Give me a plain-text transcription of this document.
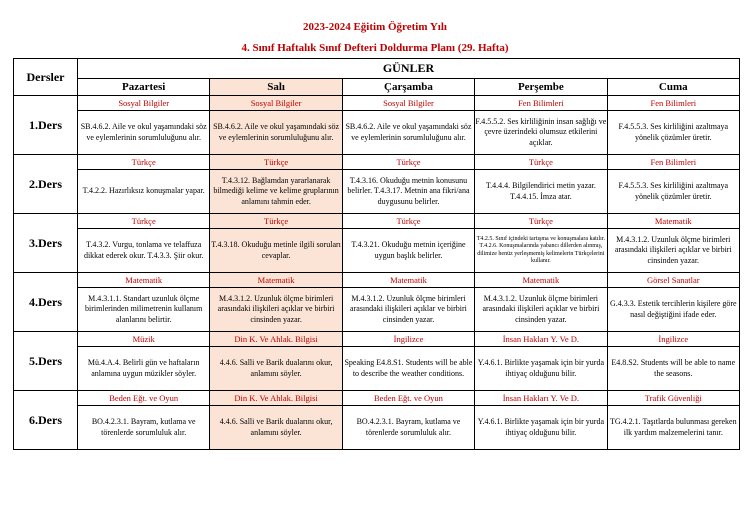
2023-2024 Eğitim Öğretim Yılı
4. Sınıf Haftalık Sınıf Defteri Doldurma Planı (29. Hafta)
Dersler	GÜNLER				
	Pazartesi	Salı	Çarşamba	Perşembe	Cuma
1.Ders	Sosyal Bilgiler	Sosyal Bilgiler	Sosyal Bilgiler	Fen Bilimleri	Fen Bilimleri
	SB.4.6.2. Aile ve okul yaşamındaki söz ve eylemlerinin sorumluluğunu alır.	SB.4.6.2. Aile ve okul yaşamındaki söz ve eylemlerinin sorumluluğunu alır.	SB.4.6.2. Aile ve okul yaşamındaki söz ve eylemlerinin sorumluluğunu alır.	F.4.5.5.2. Ses kirliliğinin insan sağlığı ve çevre üzerindeki olumsuz etkilerini açıklar.	F.4.5.5.3. Ses kirliliğini azaltmaya yönelik çözümler üretir.
2.Ders	Türkçe	Türkçe	Türkçe	Türkçe	Fen Bilimleri
	T.4.2.2. Hazırlıksız konuşmalar yapar.	T.4.3.12. Bağlamdan yararlanarak bilmediği kelime ve kelime gruplarının anlamını tahmin eder.	T.4.3.16. Okuduğu metnin konusunu belirler. T.4.3.17. Metnin ana fikri/ana duygusunu belirler.	T.4.4.4. Bilgilendirici metin yazar. T.4.4.15. İmza atar.	F.4.5.5.3. Ses kirliliğini azaltmaya yönelik çözümler üretir.
3.Ders	Türkçe	Türkçe	Türkçe	Türkçe	Matematik
	T.4.3.2. Vurgu, tonlama ve telaffuza dikkat ederek okur. T.4.3.3. Şiir okur.	T.4.3.18. Okuduğu metinle ilgili soruları cevaplar.	T.4.3.21. Okuduğu metnin içeriğine uygun başlık belirler.	T4.2.5. Sınıf içindeki tartışma ve konuşmalara katılır. T.4.2.6. Konuşmalarında yabancı dillerden alınmış, dilimize henüz yerleşmemiş kelimelerin Türkçelerini kullanır.	M.4.3.1.2. Uzunluk ölçme birimleri arasındaki ilişkileri açıklar ve birbiri cinsinden yazar.
4.Ders	Matematik	Matematik	Matematik	Matematik	Görsel Sanatlar
	M.4.3.1.1. Standart uzunluk ölçme birimlerinden milimetrenin kullanım alanlarını belirtir.	M.4.3.1.2. Uzunluk ölçme birimleri arasındaki ilişkileri açıklar ve birbiri cinsinden yazar.	M.4.3.1.2. Uzunluk ölçme birimleri arasındaki ilişkileri açıklar ve birbiri cinsinden yazar.	M.4.3.1.2. Uzunluk ölçme birimleri arasındaki ilişkileri açıklar ve birbiri cinsinden yazar.	G.4.3.3. Estetik tercihlerin kişilere göre nasıl değiştiğini ifade eder.
5.Ders	Müzik	Din K. Ve Ahlak. Bilgisi	İngilizce	İnsan Hakları Y. Ve D.	İngilizce
	Mü.4.A.4. Belirli gün ve haftaların anlamına uygun müzikler söyler.	4.4.6. Salli ve Barik dualarını okur, anlamını söyler.	Speaking E4.8.S1. Students will be able to describe the weather conditions.	Y.4.6.1. Birlikte yaşamak için bir yurda ihtiyaç olduğunu bilir.	E4.8.S2. Students will be able to name the seasons.
6.Ders	Beden Eğt. ve Oyun	Din K. Ve Ahlak. Bilgisi	Beden Eğt. ve Oyun	İnsan Hakları Y. Ve D.	Trafik Güvenliği
	BO.4.2.3.1. Bayram, kutlama ve törenlerde sorumluluk alır.	4.4.6. Salli ve Barik dualarını okur, anlamını söyler.	BO.4.2.3.1. Bayram, kutlama ve törenlerde sorumluluk alır.	Y.4.6.1. Birlikte yaşamak için bir yurda ihtiyaç olduğunu bilir.	TG.4.2.1. Taşıtlarda bulunması gereken ilk yardım malzemelerini tanır.
